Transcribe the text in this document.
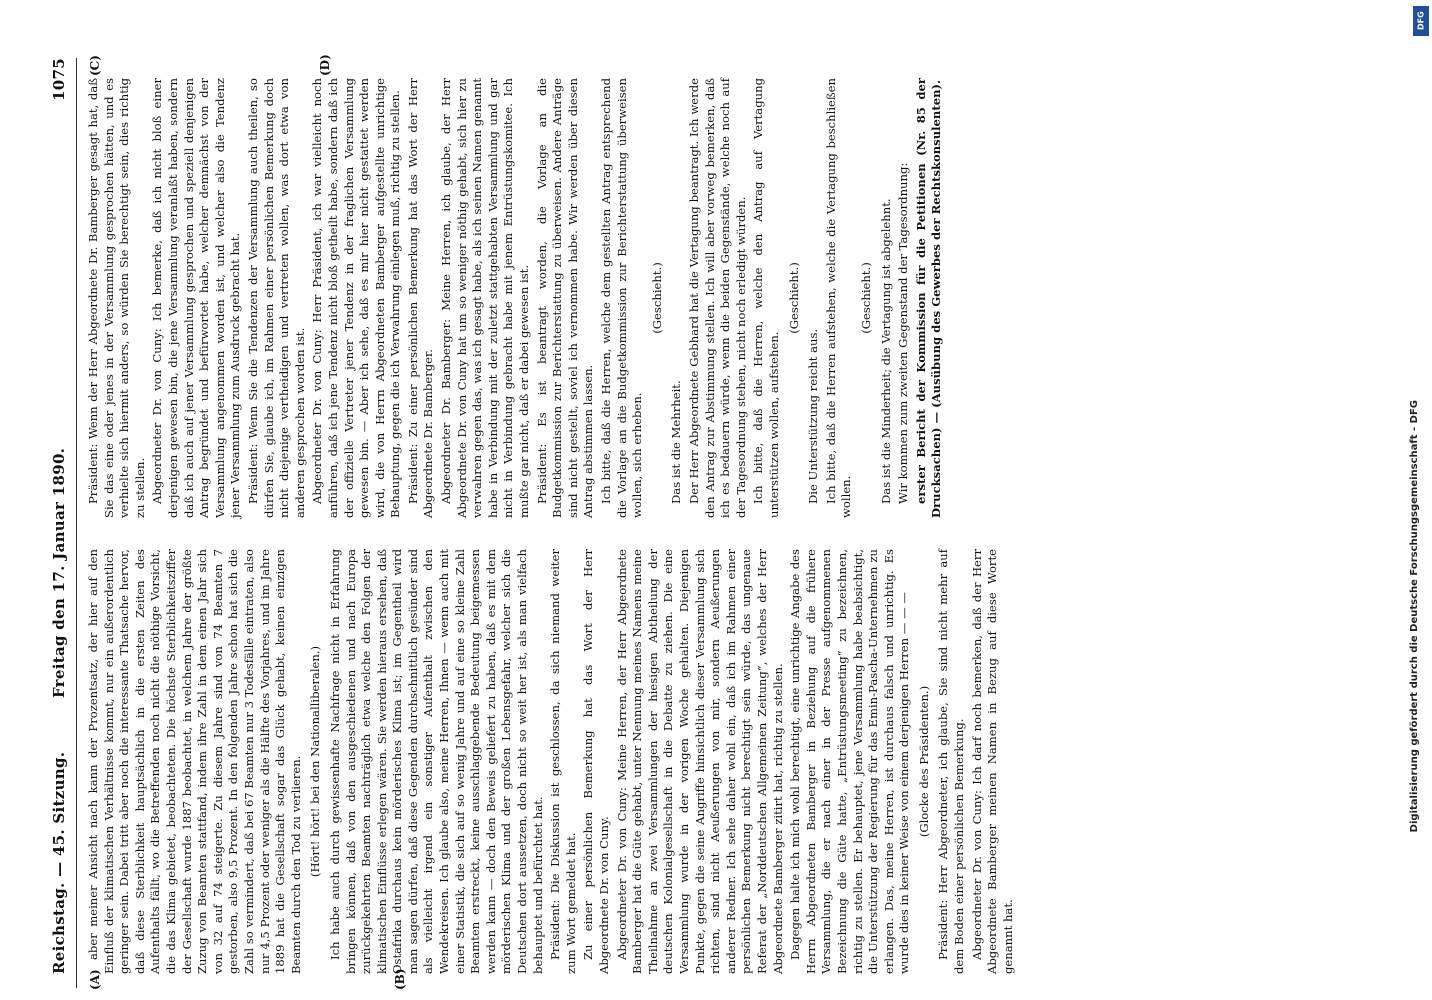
Reichstag. — 45. Sitzung.
Freitag den 17. Januar 1890.
1075
(A)	(B)
(C)	(D)

aber meiner Ansicht nach kann der Prozentsatz, der hier auf den Einfluß der klimatischen Verhältnisse kommt, nur ein außerordentlich geringer sein. Dabei tritt aber noch die interessante Thatsache hervor, daß diese Sterblichkeit hauptsächlich in die ersten Zeiten des Aufenthalts fällt, wo die Betreffenden noch nicht die nöthige Vorsicht, die das Klima gebietet, beobachteten. Die höchste Sterblichkeitsziffer der Gesellschaft wurde 1887 beobachtet, in welchem Jahre der größte Zuzug von Beamten stattfand, indem ihre Zahl in dem einen Jahr sich von 32 auf 74 steigerte. Zu diesem Jahre sind von 74 Beamten 7 gestorben, also 9,5 Prozent. In den folgenden Jahre schon hat sich die Zahl so vermindert, daß bei 67 Beamten nur 3 Todesfälle eintraten, also nur 4,5 Prozent oder weniger als die Hälfte des Vorjahres, und im Jahre 1889 hat die Gesellschaft sogar das Glück gehabt, keinen einzigen Beamten durch den Tod zu verlieren. (Hört! hört! bei den Nationalliberalen.) Ich habe auch durch gewissenhafte Nachfrage nicht in Erfahrung bringen können, daß von den ausgeschiedenen und nach Europa zurückgekehrten Beamten nachträglich etwa welche den Folgen der klimatischen Einflüsse erlegen wären. Sie werden hieraus ersehen, daß Ostafrika durchaus kein mörderisches Klima ist; im Gegentheil wird man sagen dürfen, daß diese Gegenden durchschnittlich gesünder sind als vielleicht irgend ein sonstiger Aufenthalt zwischen den Wendekreisen. Ich glaube also, meine Herren, Ihnen — wenn auch mit einer Statistik, die sich auf so wenig Jahre und auf eine so kleine Zahl Beamten erstreckt, keine ausschlaggebende Bedeutung beigemessen werden kann — doch den Beweis geliefert zu haben, daß es mit dem mörderischen Klima und der großen Lebensgefahr, welcher sich die Deutschen dort aussetzen, doch nicht so weit her ist, als man vielfach behauptet und befürchtet hat. Präsident: Die Diskussion ist geschlossen, da sich niemand weiter zum Wort gemeldet hat. Zu einer persönlichen Bemerkung hat das Wort der Herr Abgeordnete Dr. von Cuny. Abgeordneter Dr. von Cuny: Meine Herren, der Herr Abgeordnete Bamberger hat die Güte gehabt, unter Nennung meines Namens meine Theilnahme an zwei Versammlungen der hiesigen Abtheilung der deutschen Kolonialgesellschaft in die Debatte zu ziehen. Die eine Versammlung wurde in der vorigen Woche gehalten. Diejenigen Punkte, gegen die seine Angriffe hinsichtlich dieser Versammlung sich richten, sind nicht Aeußerungen von mir, sondern Aeußerungen anderer Redner. Ich sehe daher wohl ein, daß ich im Rahmen einer persönlichen Bemerkung nicht berechtigt sein würde, das ungenaue Referat der „Norddeutschen Allgemeinen Zeitung“, welches der Herr Abgeordnete Bamberger zitirt hat, richtig zu stellen. Dagegen halte ich mich wohl berechtigt, eine unrichtige Angabe des Herrn Abgeordneten Bamberger in Beziehung auf die frühere Versammlung, die er nach einer in der Presse aufgenommenen Bezeichnung die Güte hatte, „Entrüstungsmeeting“ zu bezeichnen, richtig zu stellen. Er behauptet, jene Versammlung habe beabsichtigt, die Unterstützung der Regierung für das Emin-Pascha-Unternehmen zu erlangen. Das, meine Herren, ist durchaus falsch und unrichtig. Es wurde dies in keiner Weise von einem derjenigen Herren — — — (Glocke des Präsidenten.) Präsident: Herr Abgeordneter, ich glaube, Sie sind nicht mehr auf dem Boden einer persönlichen Bemerkung. Abgeordneter Dr. von Cuny: Ich darf noch bemerken, daß der Herr Abgeordnete Bamberger meinen Namen in Bezug auf diese Worte genannt hat.

Präsident: Wenn der Herr Abgeordnete Dr. Bamberger gesagt hat, daß Sie das eine oder jenes in der Versammlung gesprochen hätten, und es verhielte sich hiermit anders, so würden Sie berechtigt sein, dies richtig zu stellen. Abgeordneter Dr. von Cuny: Ich bemerke, daß ich nicht bloß einer derjenigen gewesen bin, die jene Versammlung veranlaßt haben, sondern daß ich auch auf jener Versammlung gesprochen und speziell denjenigen Antrag begründet und befürwortet habe, welcher demnächst von der Versammlung angenommen worden ist, und welcher also die Tendenz jener Versammlung zum Ausdruck gebracht hat. Präsident: Wenn Sie die Tendenzen der Versammlung auch theilen, so dürfen Sie, glaube ich, im Rahmen einer persönlichen Bemerkung doch nicht diejenige vertheidigen und vertreten wollen, was dort etwa von anderen gesprochen worden ist. Abgeordneter Dr. von Cuny: Herr Präsident, ich war vielleicht noch anführen, daß ich jene Tendenz nicht bloß getheilt habe, sondern daß ich der offizielle Vertreter jener Tendenz in der fraglichen Versammlung gewesen bin. — Aber ich sehe, daß es mir hier nicht gestattet werden wird, die von Herrn Abgeordneten Bamberger aufgestellte unrichtige Behauptung, gegen die ich Verwahrung einlegen muß, richtig zu stellen. Präsident: Zu einer persönlichen Bemerkung hat das Wort der Herr Abgeordnete Dr. Bamberger. Abgeordneter Dr. Bamberger: Meine Herren, ich glaube, der Herr Abgeordnete Dr. von Cuny hat um so weniger nöthig gehabt, sich hier zu verwahren gegen das, was ich gesagt habe, als ich seinen Namen genannt habe in Verbindung mit der zuletzt stattgehabten Versammlung und gar nicht in Verbindung gebracht habe mit jenem Entrüstungskomitee. Ich mußte gar nicht, daß er dabei gewesen ist. Präsident: Es ist beantragt worden, die Vorlage an die Budgetkommission zur Berichterstattung zu überweisen. Andere Anträge sind nicht gestellt, soviel ich vernommen habe. Wir werden über diesen Antrag abstimmen lassen. Ich bitte, daß die Herren, welche dem gestellten Antrag entsprechend die Vorlage an die Budgetkommission zur Berichterstattung überweisen wollen, sich erheben.

(Geschieht.)

Das ist die Mehrheit. Der Herr Abgeordnete Gebhard hat die Vertagung beantragt. Ich werde den Antrag zur Abstimmung stellen. Ich will aber vorweg bemerken, daß ich es bedauern würde, wenn die beiden Gegenstände, welche noch auf der Tagesordnung stehen, nicht noch erledigt würden. Ich bitte, daß die Herren, welche den Antrag auf Vertagung unterstützen wollen, aufstehen.

(Geschieht.)

Die Unterstützung reicht aus. Ich bitte, daß die Herren aufstehen, welche die Vertagung beschließen wollen.

(Geschieht.) Das ist die Minderheit; die Vertagung ist abgelehnt. Wir kommen zum zweiten Gegenstand der Tagesordnung: erster Bericht der Kommission für die Petitionen (Nr. 85 der Drucksachen) — (Ausübung des Gewerbes der Rechtskonsulenten).

DFG
Digitalisierung gefördert durch die Deutsche Forschungsgemeinschaft - DFG
